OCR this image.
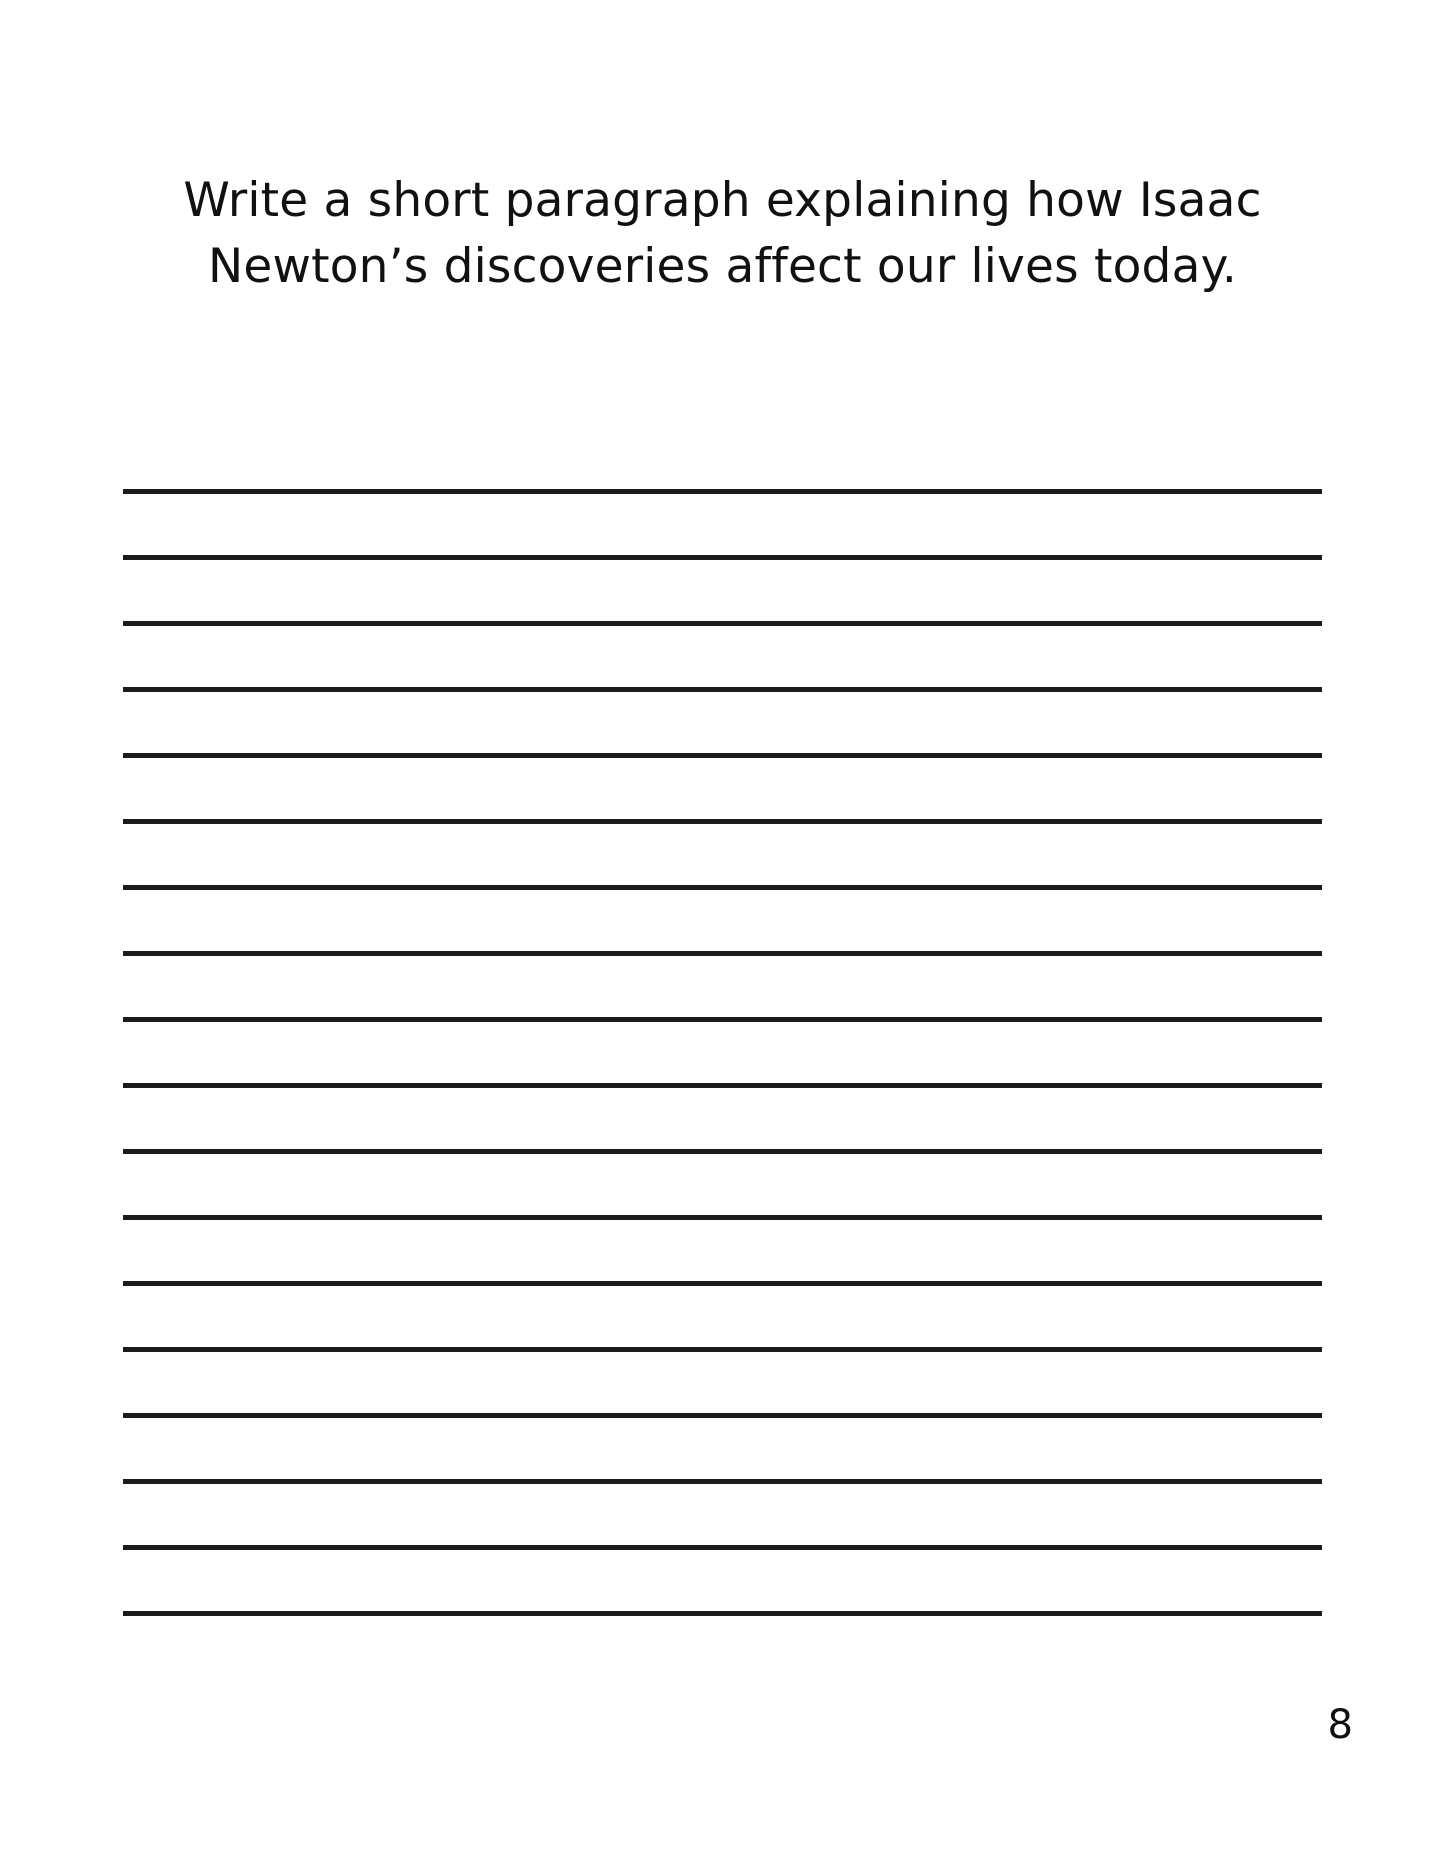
Write a short paragraph explaining how Isaac
Newton’s discoveries affect our lives today.
8
